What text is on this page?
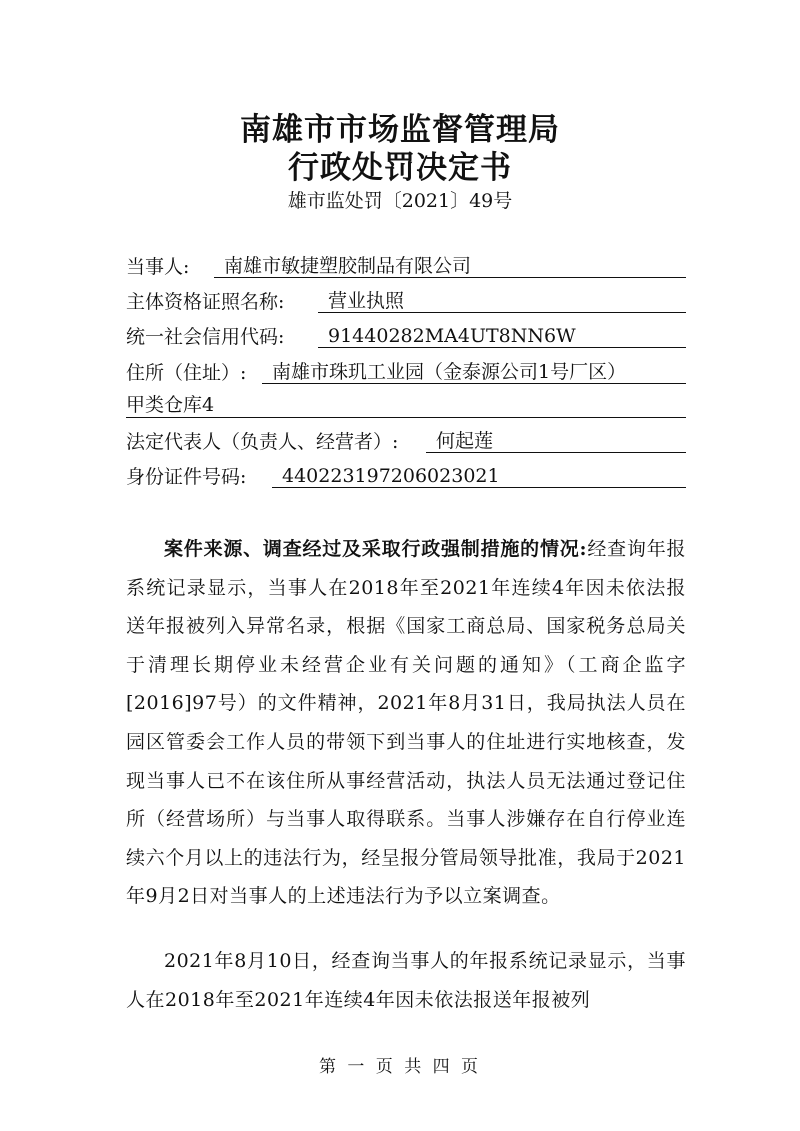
南雄市市场监督管理局
行政处罚决定书
雄市监处罚〔2021〕49号
当事人:	南雄市敏捷塑胶制品有限公司
主体资格证照名称:	营业执照
统一社会信用代码:	91440282MA4UT8NN6W
住所（住址）:	南雄市珠玑工业园（金泰源公司1号厂区）
甲类仓库4
法定代表人（负责人、经营者）:	何起莲
身份证件号码:	440223197206023021
案件来源、调查经过及采取行政强制措施的情况:经查询年报系统记录显示，当事人在2018年至2021年连续4年因未依法报送年报被列入异常名录，根据《国家工商总局、国家税务总局关于清理长期停业未经营企业有关问题的通知》（工商企监字[2016]97号）的文件精神，2021年8月31日，我局执法人员在园区管委会工作人员的带领下到当事人的住址进行实地核查，发现当事人已不在该住所从事经营活动，执法人员无法通过登记住所（经营场所）与当事人取得联系。当事人涉嫌存在自行停业连续六个月以上的违法行为，经呈报分管局领导批准，我局于2021年9月2日对当事人的上述违法行为予以立案调查。
2021年8月10日，经查询当事人的年报系统记录显示，当事人在2018年至2021年连续4年因未依法报送年报被列
第 一 页 共 四 页
